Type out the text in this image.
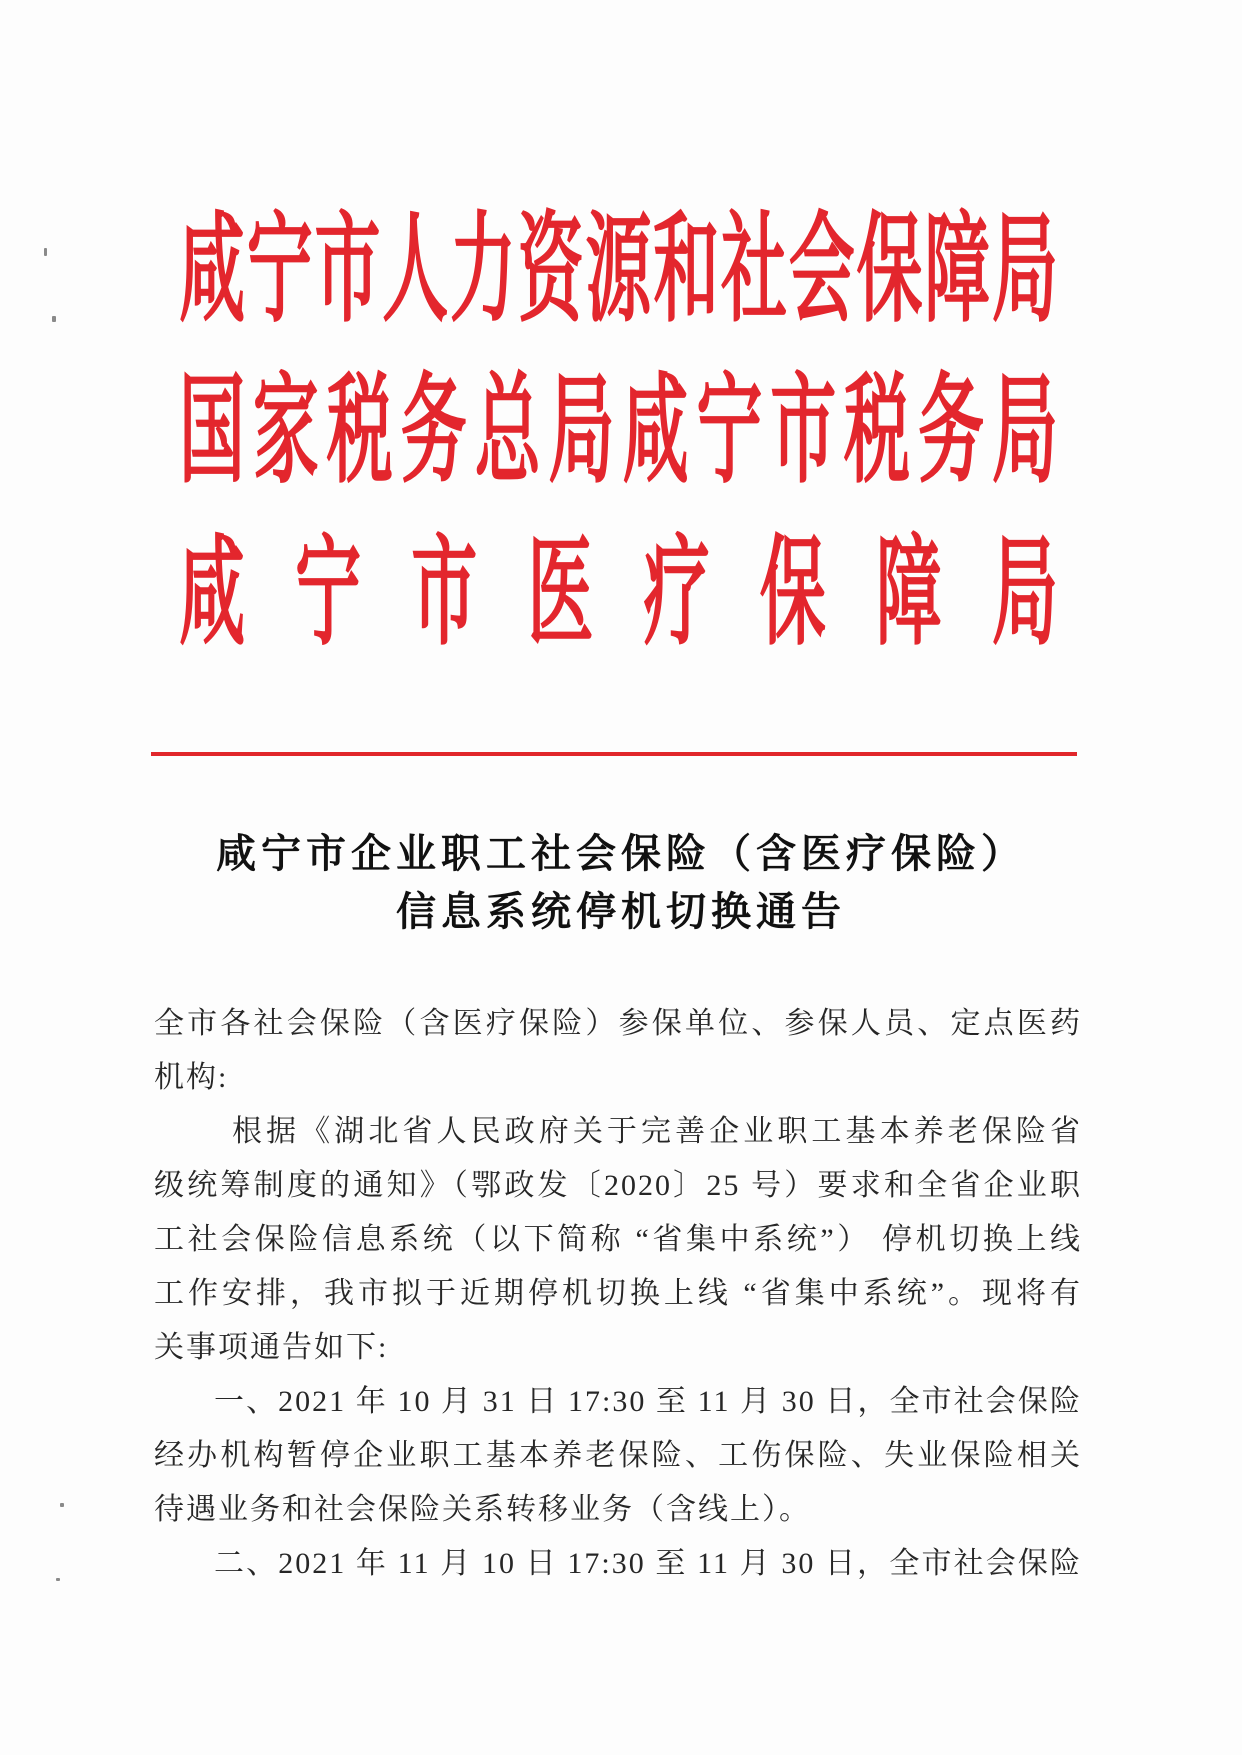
咸宁市人力资源和社会保障局
国家税务总局咸宁市税务局
咸宁市医疗保障局
咸宁市企业职工社会保险（含医疗保险）
信息系统停机切换通告
全市各社会保险（含医疗保险）参保单位、参保人员、定点医药
机构:
根据《湖北省人民政府关于完善企业职工基本养老保险省
级统筹制度的通知》（鄂政发〔2020〕25 号）要求和全省企业职
工社会保险信息系统（以下简称 “省集中系统”） 停机切换上线
工作安排，我市拟于近期停机切换上线 “省集中系统”。现将有
关事项通告如下:
一、2021 年 10 月 31 日 17:30 至 11 月 30 日，全市社会保险
经办机构暂停企业职工基本养老保险、工伤保险、失业保险相关
待遇业务和社会保险关系转移业务（含线上）。
二、2021 年 11 月 10 日 17:30 至 11 月 30 日，全市社会保险
